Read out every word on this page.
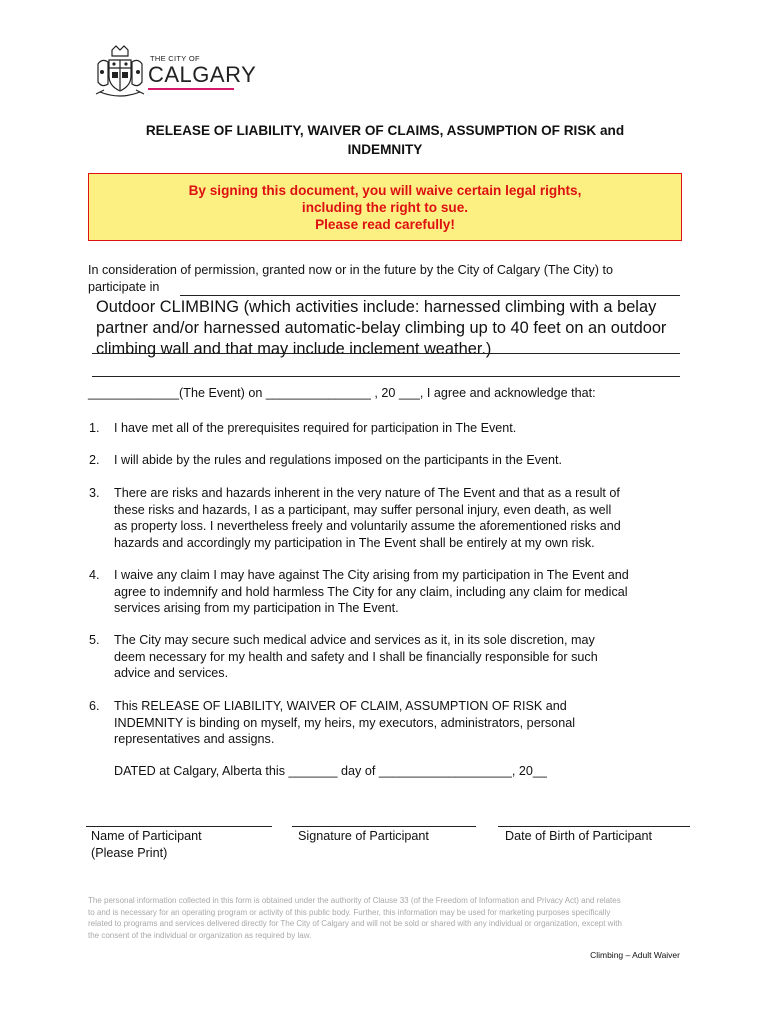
THE CITY OF
CALGARY
RELEASE OF LIABILITY, WAIVER OF CLAIMS, ASSUMPTION OF RISK and
INDEMNITY
By signing this document, you will waive certain legal rights,
including the right to sue.
Please read carefully!
In consideration of permission, granted now or in the future by the City of Calgary (The City) to
participate in
Outdoor CLIMBING (which activities include: harnessed climbing with a belay
partner and/or harnessed automatic-belay climbing up to 40 feet on an outdoor
climbing wall and that may include inclement weather.)
_____________(The Event) on _______________ , 20 ___, I agree and acknowledge that:
1.	I have met all of the prerequisites required for participation in The Event.
2.	I will abide by the rules and regulations imposed on the participants in the Event.
3.	There are risks and hazards inherent in the very nature of The Event and that as a result of
these risks and hazards, I as a participant, may suffer personal injury, even death, as well
as property loss. I nevertheless freely and voluntarily assume the aforementioned risks and
hazards and accordingly my participation in The Event shall be entirely at my own risk.
4.	I waive any claim I may have against The City arising from my participation in The Event and
agree to indemnify and hold harmless The City for any claim, including any claim for medical
services arising from my participation in The Event.
5.	The City may secure such medical advice and services as it, in its sole discretion, may
deem necessary for my health and safety and I shall be financially responsible for such
advice and services.
6.	This RELEASE OF LIABILITY, WAIVER OF CLAIM, ASSUMPTION OF RISK and
INDEMNITY is binding on myself, my heirs, my executors, administrators, personal
representatives and assigns.
DATED at Calgary, Alberta this _______ day of ___________________, 20__
Name of Participant
(Please Print)
Signature of Participant	Date of Birth of Participant
The personal information collected in this form is obtained under the authority of Clause 33 (of the Freedom of Information and Privacy Act) and relates
to and is necessary for an operating program or activity of this public body. Further, this information may be used for marketing purposes specifically
related to programs and services delivered directly for The City of Calgary and will not be sold or shared with any individual or organization, except with
the consent of the individual or organization as required by law.
Climbing – Adult Waiver
